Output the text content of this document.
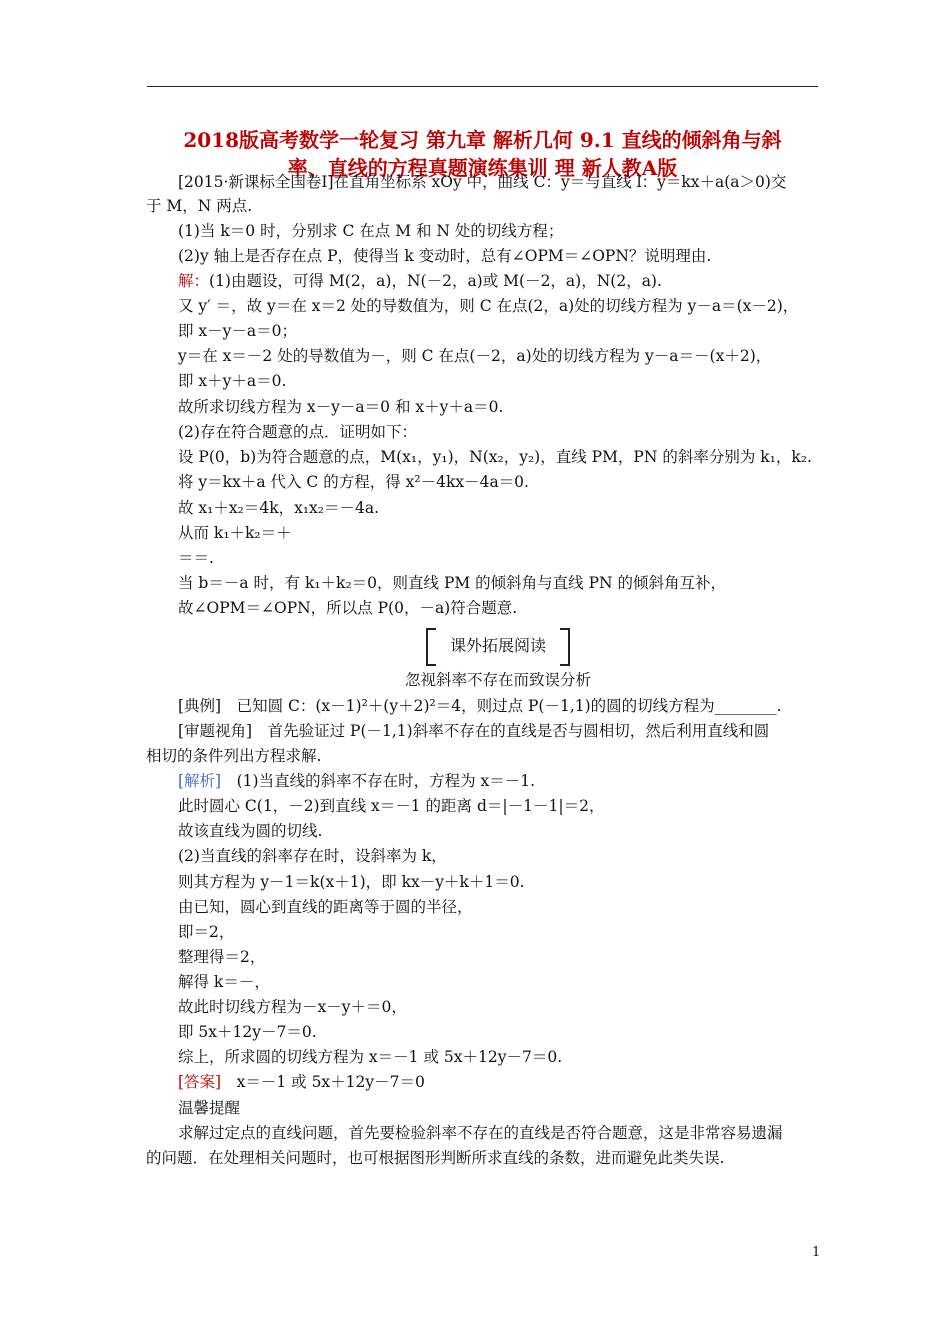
2018版高考数学一轮复习 第九章 解析几何 9.1 直线的倾斜角与斜
率、直线的方程真题演练集训 理 新人教A版
[2015·新课标全国卷Ⅰ]在直角坐标系 xOy 中，曲线 C：y＝与直线 l：y＝kx＋a(a＞0)交
于 M，N 两点.
(1)当 k＝0 时，分别求 C 在点 M 和 N 处的切线方程；
(2)y 轴上是否存在点 P，使得当 k 变动时，总有∠OPM＝∠OPN？说明理由.
解：(1)由题设，可得 M(2，a)，N(－2，a)或 M(－2，a)，N(2，a).
又 y′ ＝，故 y＝在 x＝2 处的导数值为，则 C 在点(2，a)处的切线方程为 y－a＝(x－2)，
即 x－y－a＝0；
y＝在 x＝－2 处的导数值为－，则 C 在点(－2，a)处的切线方程为 y－a＝－(x＋2)，
即 x＋y＋a＝0.
故所求切线方程为 x－y－a＝0 和 x＋y＋a＝0.
(2)存在符合题意的点．证明如下：
设 P(0，b)为符合题意的点，M(x₁，y₁)，N(x₂，y₂)，直线 PM，PN 的斜率分别为 k₁，k₂.
将 y＝kx＋a 代入 C 的方程，得 x²－4kx－4a＝0.
故 x₁＋x₂＝4k，x₁x₂＝－4a.
从而 k₁＋k₂＝＋
＝＝.
当 b＝－a 时，有 k₁＋k₂＝0，则直线 PM 的倾斜角与直线 PN 的倾斜角互补，
故∠OPM＝∠OPN，所以点 P(0，－a)符合题意.
课外拓展阅读
忽视斜率不存在而致误分析
[典例]　已知圆 C：(x－1)²＋(y＋2)²＝4，则过点 P(－1,1)的圆的切线方程为________.
[审题视角]　首先验证过 P(－1,1)斜率不存在的直线是否与圆相切，然后利用直线和圆
相切的条件列出方程求解.
[解析]　(1)当直线的斜率不存在时，方程为 x＝－1.
此时圆心 C(1，－2)到直线 x＝－1 的距离 d＝|－1－1|＝2，
故该直线为圆的切线.
(2)当直线的斜率存在时，设斜率为 k，
则其方程为 y－1＝k(x＋1)，即 kx－y＋k＋1＝0.
由已知，圆心到直线的距离等于圆的半径，
即＝2，
整理得＝2，
解得 k＝－，
故此时切线方程为－x－y＋＝0，
即 5x＋12y－7＝0.
综上，所求圆的切线方程为 x＝－1 或 5x＋12y－7＝0.
[答案]　x＝－1 或 5x＋12y－7＝0
温馨提醒
求解过定点的直线问题，首先要检验斜率不存在的直线是否符合题意，这是非常容易遗漏
的问题．在处理相关问题时，也可根据图形判断所求直线的条数，进而避免此类失误.
1
